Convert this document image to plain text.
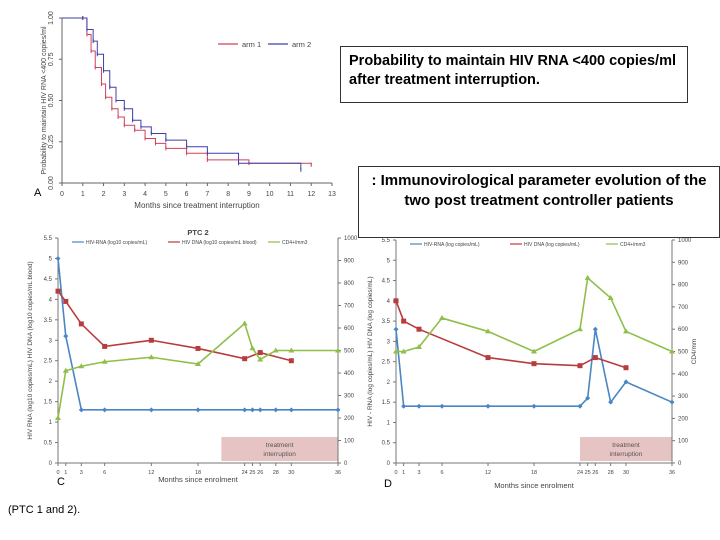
0 1 2 3 4 5 6 7 8 9 10 11 12 13
0.00
0.25
0.50
0.75
1.00
Months since treatment interruption
Probability to maintain HIV RNA <400 copies/ml	arm 1	arm 2
treatment
interruption
0
0.5
1
1.5
2
2.5
3
3.5
4
4.5
5
5.5
0
100
200
300
400
500
600
700
800
900
1000
0 1 3	6	12	18	24 25 26 28 30	36
Months since enrolment
PTC 2
HIV RNA (log10 copies/mL) HIV DNA (log10 copies/mL blood)
HIV-RNA (log10 copies/mL)	HIV DNA (log10 copies/mL blood)	CD4+/mm3
treatment
interruption
0
0.5
1
1.5
2
2.5
3
3.5
4
4.5
5
5.5
0
100
200
300
400
500
600
700
800
900
1000
0 1 3	6	12	18	24 25 26 28 30	36
Months since enrolment
HIV - RNA (log copies/mL) HIV DNA (log copies/mL)	CD4/mm
HIV-RNA (log copies/mL)	HIV DNA (log copies/mL)	CD4+/mm3
A
C	D
Probability to maintain HIV RNA <400 copies/ml after treatment interruption.
: Immunovirological parameter evolution of the two post treatment controller patients
(PTC 1 and 2).
